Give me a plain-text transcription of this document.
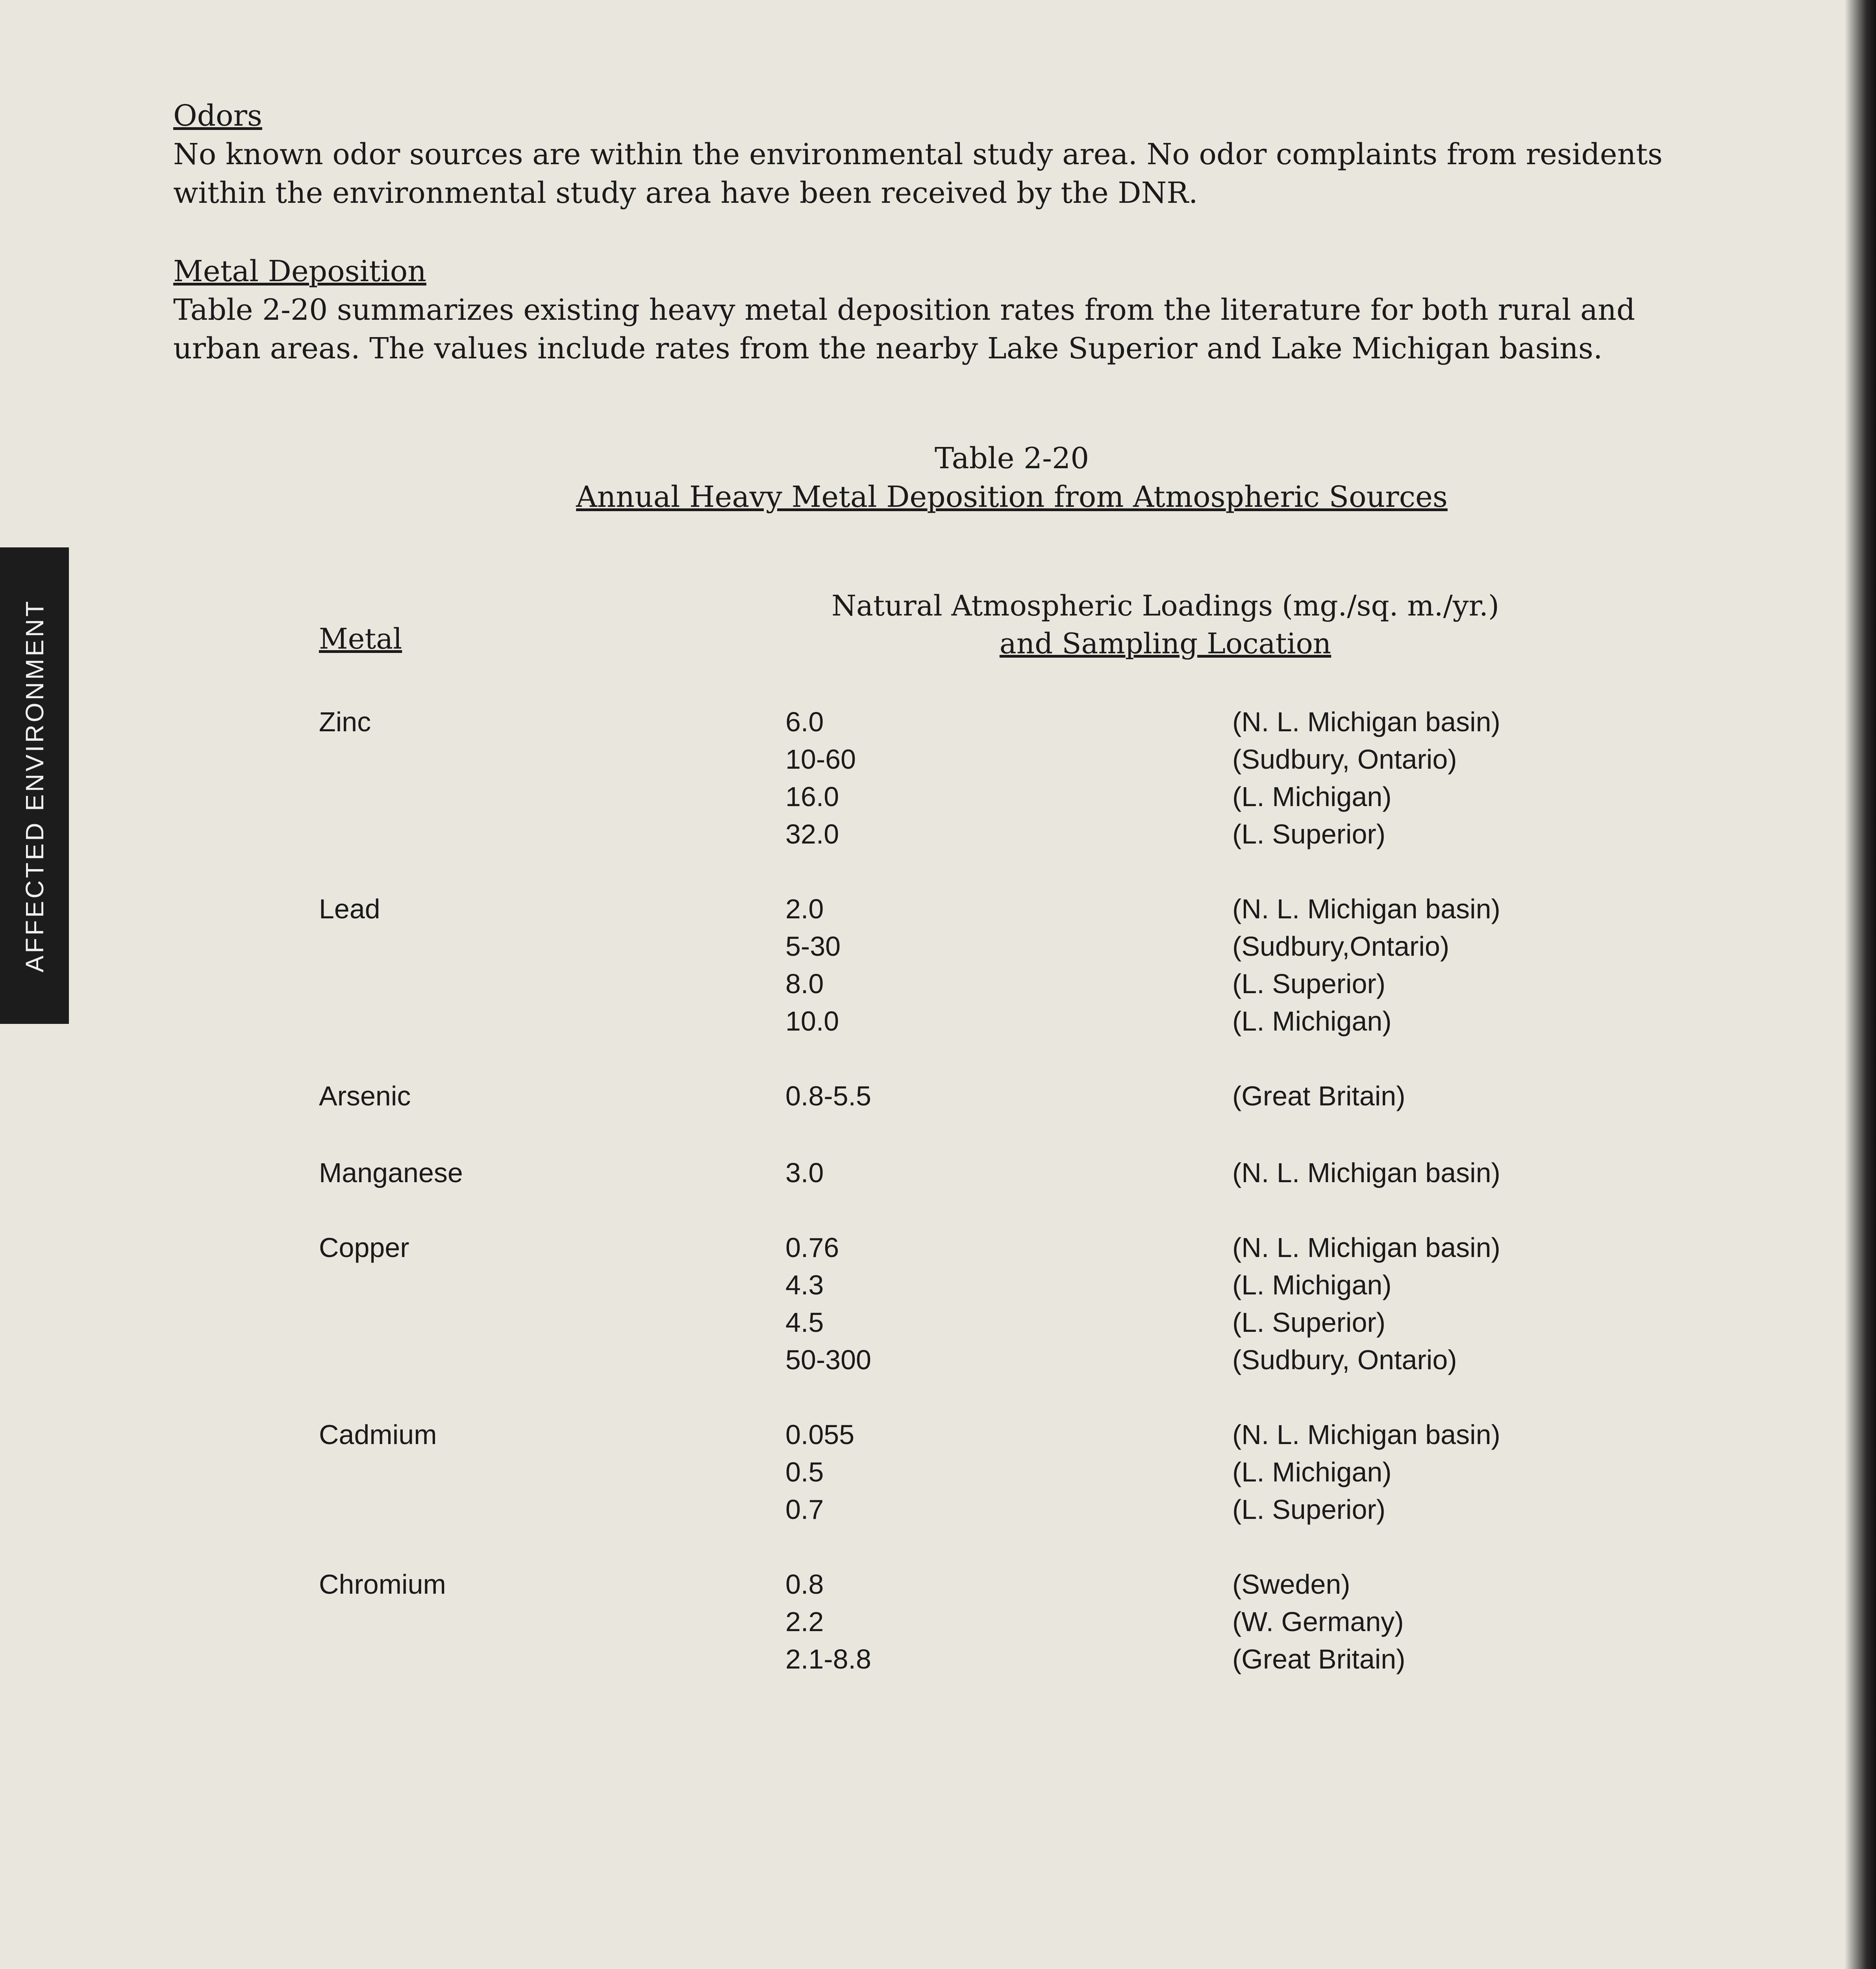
AFFECTED ENVIRONMENT
Odors
No known odor sources are within the environmental study area. No odor complaints from residents
within the environmental study area have been received by the DNR.
Metal Deposition
Table 2-20 summarizes existing heavy metal deposition rates from the literature for both rural and
urban areas. The values include rates from the nearby Lake Superior and Lake Michigan basins.
Table 2-20
Annual Heavy Metal Deposition from Atmospheric Sources
Natural Atmospheric Loadings (mg./sq. m./yr.)
and Sampling Location
Metal
Zinc	6.0	(N. L. Michigan basin)
10-60	(Sudbury, Ontario)
16.0	(L. Michigan)
32.0	(L. Superior)
Lead	2.0	(N. L. Michigan basin)
5-30	(Sudbury,Ontario)
8.0	(L. Superior)
10.0	(L. Michigan)
Arsenic	0.8-5.5	(Great Britain)
Manganese	3.0	(N. L. Michigan basin)
Copper	0.76	(N. L. Michigan basin)
4.3	(L. Michigan)
4.5	(L. Superior)
50-300	(Sudbury, Ontario)
Cadmium	0.055	(N. L. Michigan basin)
0.5	(L. Michigan)
0.7	(L. Superior)
Chromium	0.8	(Sweden)
2.2	(W. Germany)
2.1-8.8	(Great Britain)
